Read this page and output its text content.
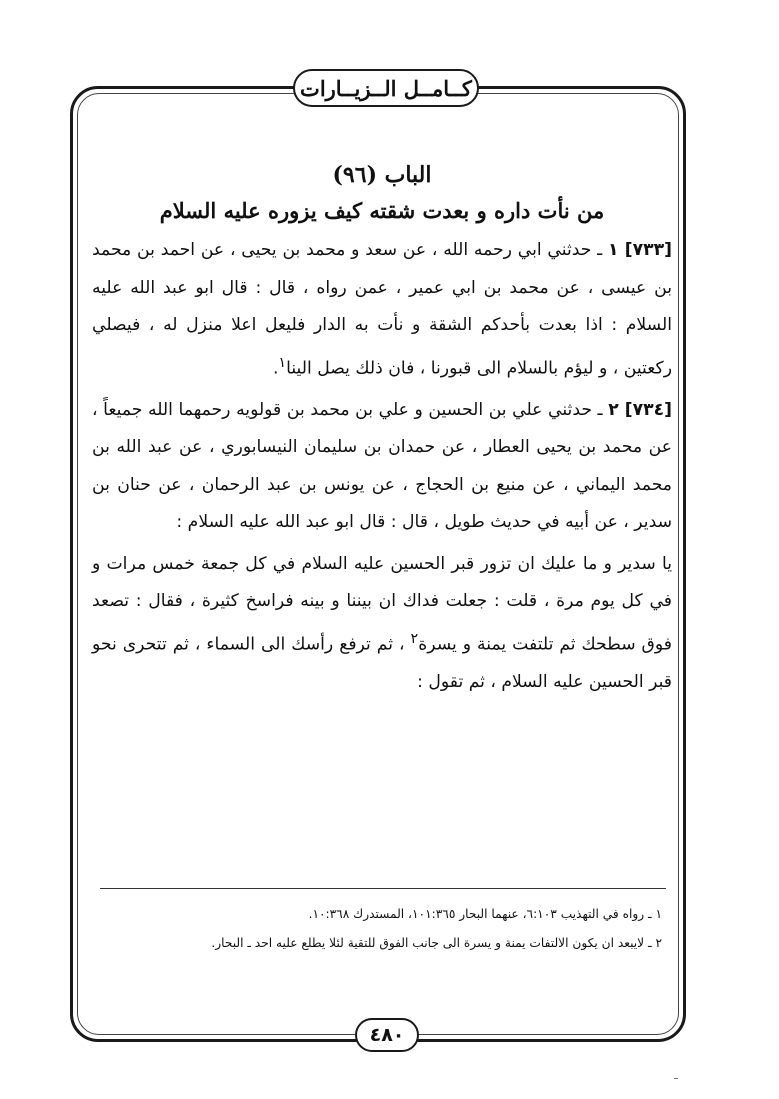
كــامــل الــزيــارات

الباب (٩٦)

من نأت داره و بعدت شقته كيف يزوره عليه السلام

[٧٣٣] ١ ـ حدثني ابي رحمه الله ، عن سعد و محمد بن يحيى ، عن احمد بن محمد بن عيسى ، عن محمد بن ابي عمير ، عمن رواه ، قال : قال ابو عبد الله عليه السلام : اذا بعدت بأحدكم الشقة و نأت به الدار فليعل اعلا منزل له ، فيصلي ركعتين ، و ليؤم بالسلام الى قبورنا ، فان ذلك يصل الينا$^١$.

[٧٣٤] ٢ ـ حدثني علي بن الحسين و علي بن محمد بن قولويه رحمهما الله جميعاً ، عن محمد بن يحيى العطار ، عن حمدان بن سليمان النيسابوري ، عن عبد الله بن محمد اليماني ، عن منيع بن الحجاج ، عن يونس بن عبد الرحمان ، عن حنان بن سدير ، عن أبيه في حديث طويل ، قال : قال ابو عبد الله عليه السلام :

يا سدير و ما عليك ان تزور قبر الحسين عليه السلام في كل جمعة خمس مرات و في كل يوم مرة ، قلت : جعلت فداك ان بيننا و بينه فراسخ كثيرة ، فقال : تصعد فوق سطحك ثم تلتفت يمنة و يسرة$^٢$ ، ثم ترفع رأسك الى السماء ، ثم تتحرى نحو قبر الحسين عليه السلام ، ثم تقول :

١ ـ رواه في التهذيب ٦:١٠٣، عنهما البحار ١٠١:٣٦٥، المستدرك ١٠:٣٦٨.

٢ ـ لايبعد ان يكون الالتفات يمنة و يسرة الى جانب الفوق للتقية لئلا يطلع عليه احد ـ البحار.

٤٨٠
